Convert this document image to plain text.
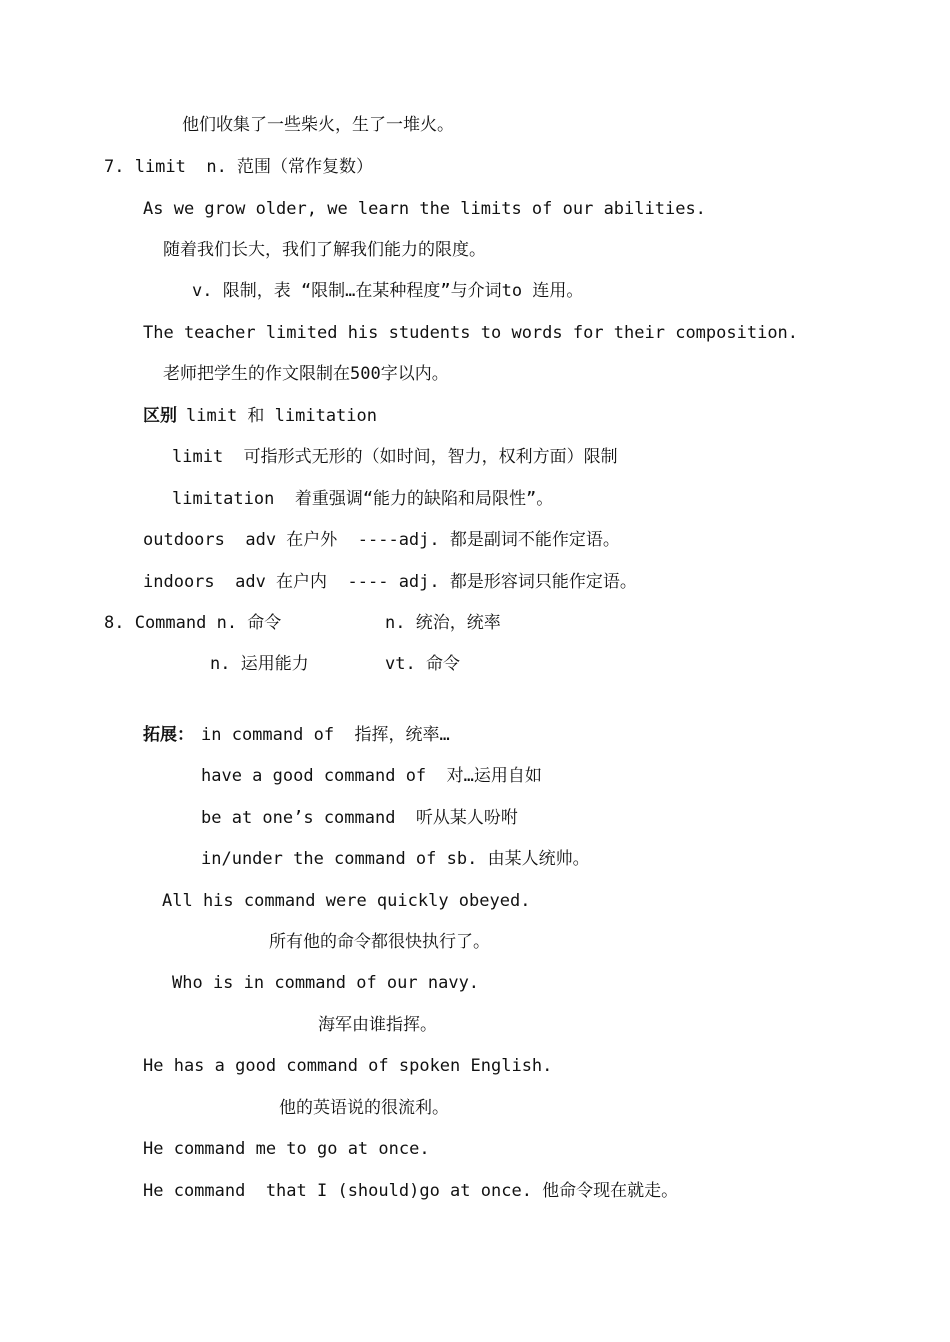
他们收集了一些柴火，生了一堆火。
7. limit  n. 范围（常作复数）
As we grow older, we learn the limits of our abilities.
随着我们长大，我们了解我们能力的限度。
v. 限制，表 “限制…在某种程度”与介词to 连用。
The teacher limited his students to words for their composition.
老师把学生的作文限制在500字以内。
区别 limit 和 limitation
limit  可指形式无形的（如时间，智力，权利方面）限制
limitation  着重强调“能力的缺陷和局限性”。
outdoors  adv 在户外  ----adj. 都是副词不能作定语。
indoors  adv 在户内  ---- adj. 都是形容词只能作定语。
8. Command n. 命令	n. 统治，统率
n. 运用能力	vt. 命令
拓展： in command of  指挥，统率…
have a good command of  对…运用自如
be at one’s command  听从某人吩咐
in/under the command of sb. 由某人统帅。
All his command were quickly obeyed.
所有他的命令都很快执行了。
Who is in command of our navy.
海军由谁指挥。
He has a good command of spoken English.
他的英语说的很流利。
He command me to go at once.
He command  that I (should)go at once. 他命令现在就走。
